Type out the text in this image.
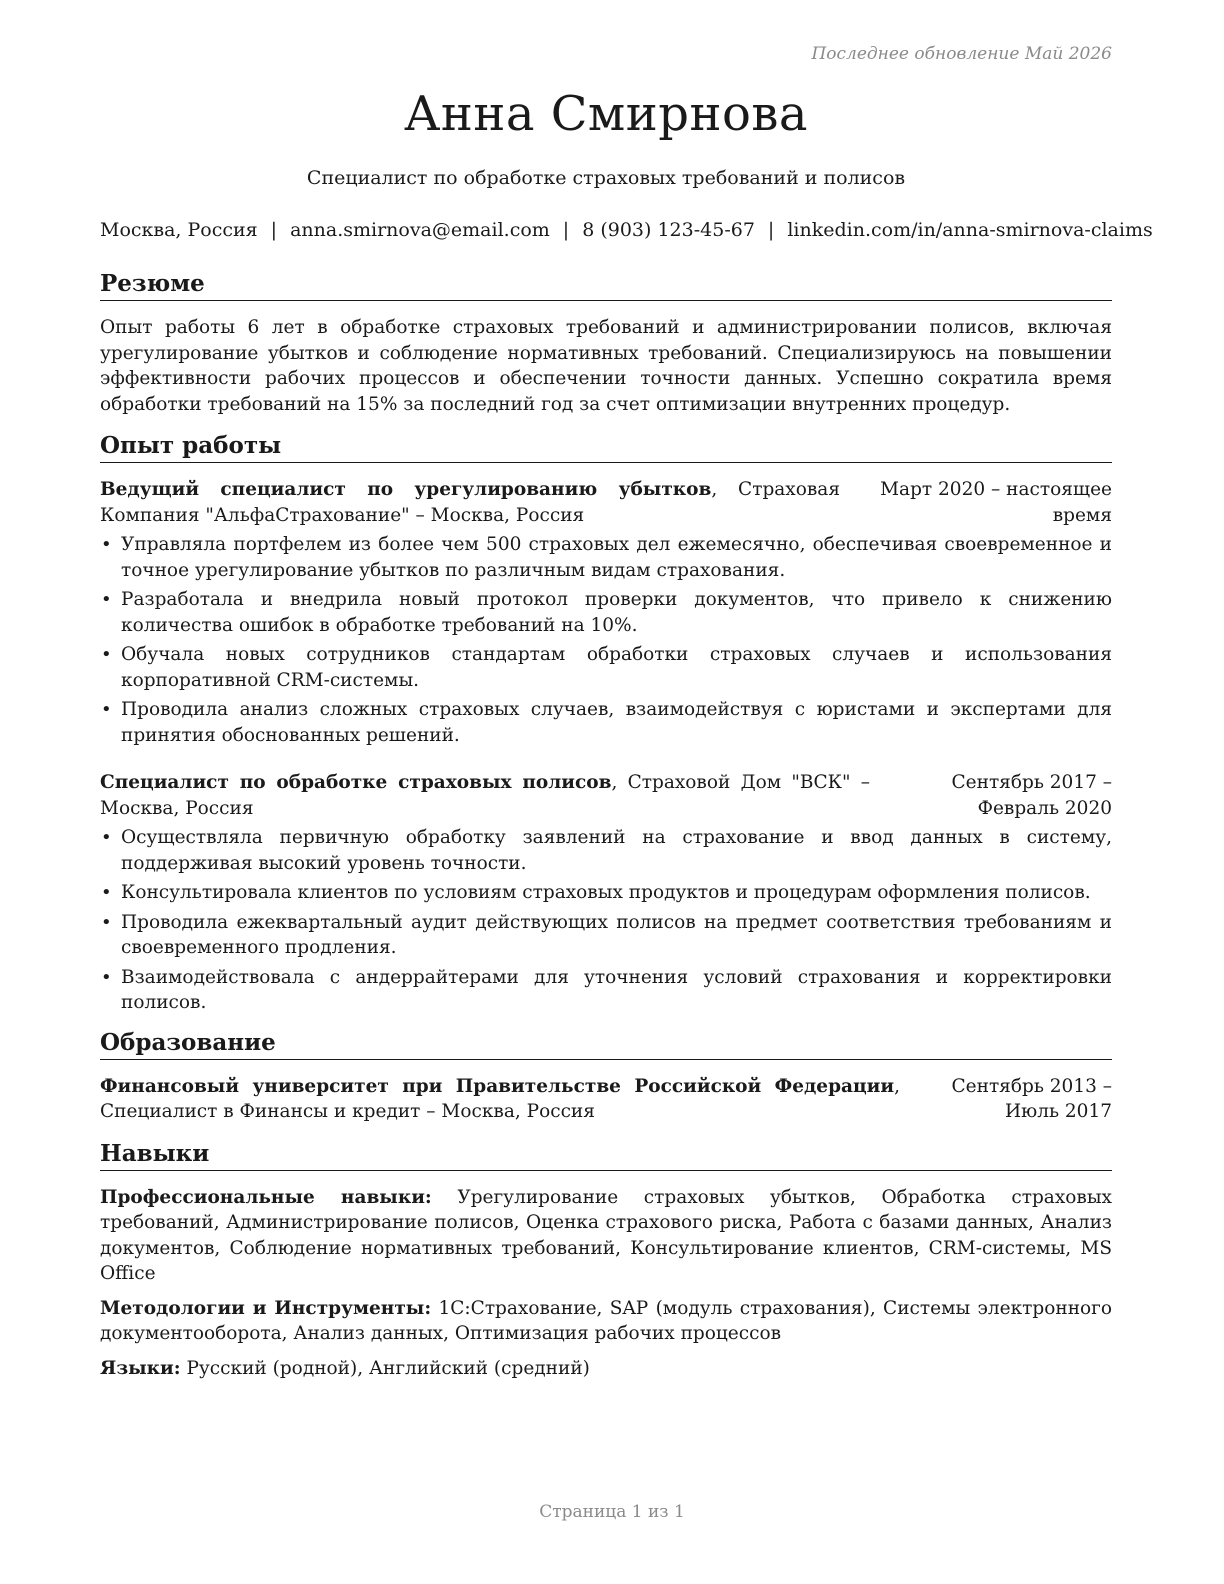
Последнее обновление Май 2026
Анна Смирнова
Специалист по обработке страховых требований и полисов
Москва, Россия | anna.smirnova@email.com | 8 (903) 123-45-67 | linkedin.com/in/anna-smirnova-claims
Резюме

Опыт работы 6 лет в обработке страховых требований и администрировании полисов, включая урегулирование убытков и соблюдение нормативных требований. Специализируюсь на повышении эффективности рабочих процессов и обеспечении точности данных. Успешно сократила время обработки требований на 15% за последний год за счет оптимизации внутренних процедур.

Опыт работы
Ведущий специалист по урегулированию убытков, Страховая Компания "АльфаСтрахование" – Москва, Россия
Март 2020 – настоящее время
• Управляла портфелем из более чем 500 страховых дел ежемесячно, обеспечивая своевременное и точное урегулирование убытков по различным видам страхования.
• Разработала и внедрила новый протокол проверки документов, что привело к снижению количества ошибок в обработке требований на 10%.
• Обучала новых сотрудников стандартам обработки страховых случаев и использования корпоративной CRM-системы.
• Проводила анализ сложных страховых случаев, взаимодействуя с юристами и экспертами для принятия обоснованных решений.
Специалист по обработке страховых полисов, Страховой Дом "ВСК" – Москва, Россия
Сентябрь 2017 – Февраль 2020
• Осуществляла первичную обработку заявлений на страхование и ввод данных в систему, поддерживая высокий уровень точности.
• Консультировала клиентов по условиям страховых продуктов и процедурам оформления полисов.
• Проводила ежеквартальный аудит действующих полисов на предмет соответствия требованиям и своевременного продления.
• Взаимодействовала с андеррайтерами для уточнения условий страхования и корректировки полисов.
Образование
Финансовый университет при Правительстве Российской Федерации, Специалист в Финансы и кредит – Москва, Россия
Сентябрь 2013 – Июль 2017
Навыки
Профессиональные навыки: Урегулирование страховых убытков, Обработка страховых требований, Администрирование полисов, Оценка страхового риска, Работа с базами данных, Анализ документов, Соблюдение нормативных требований, Консультирование клиентов, CRM-системы, MS Office
Методологии и Инструменты: 1С:Страхование, SAP (модуль страхования), Системы электронного документооборота, Анализ данных, Оптимизация рабочих процессов
Языки: Русский (родной), Английский (средний)
Страница 1 из 1
